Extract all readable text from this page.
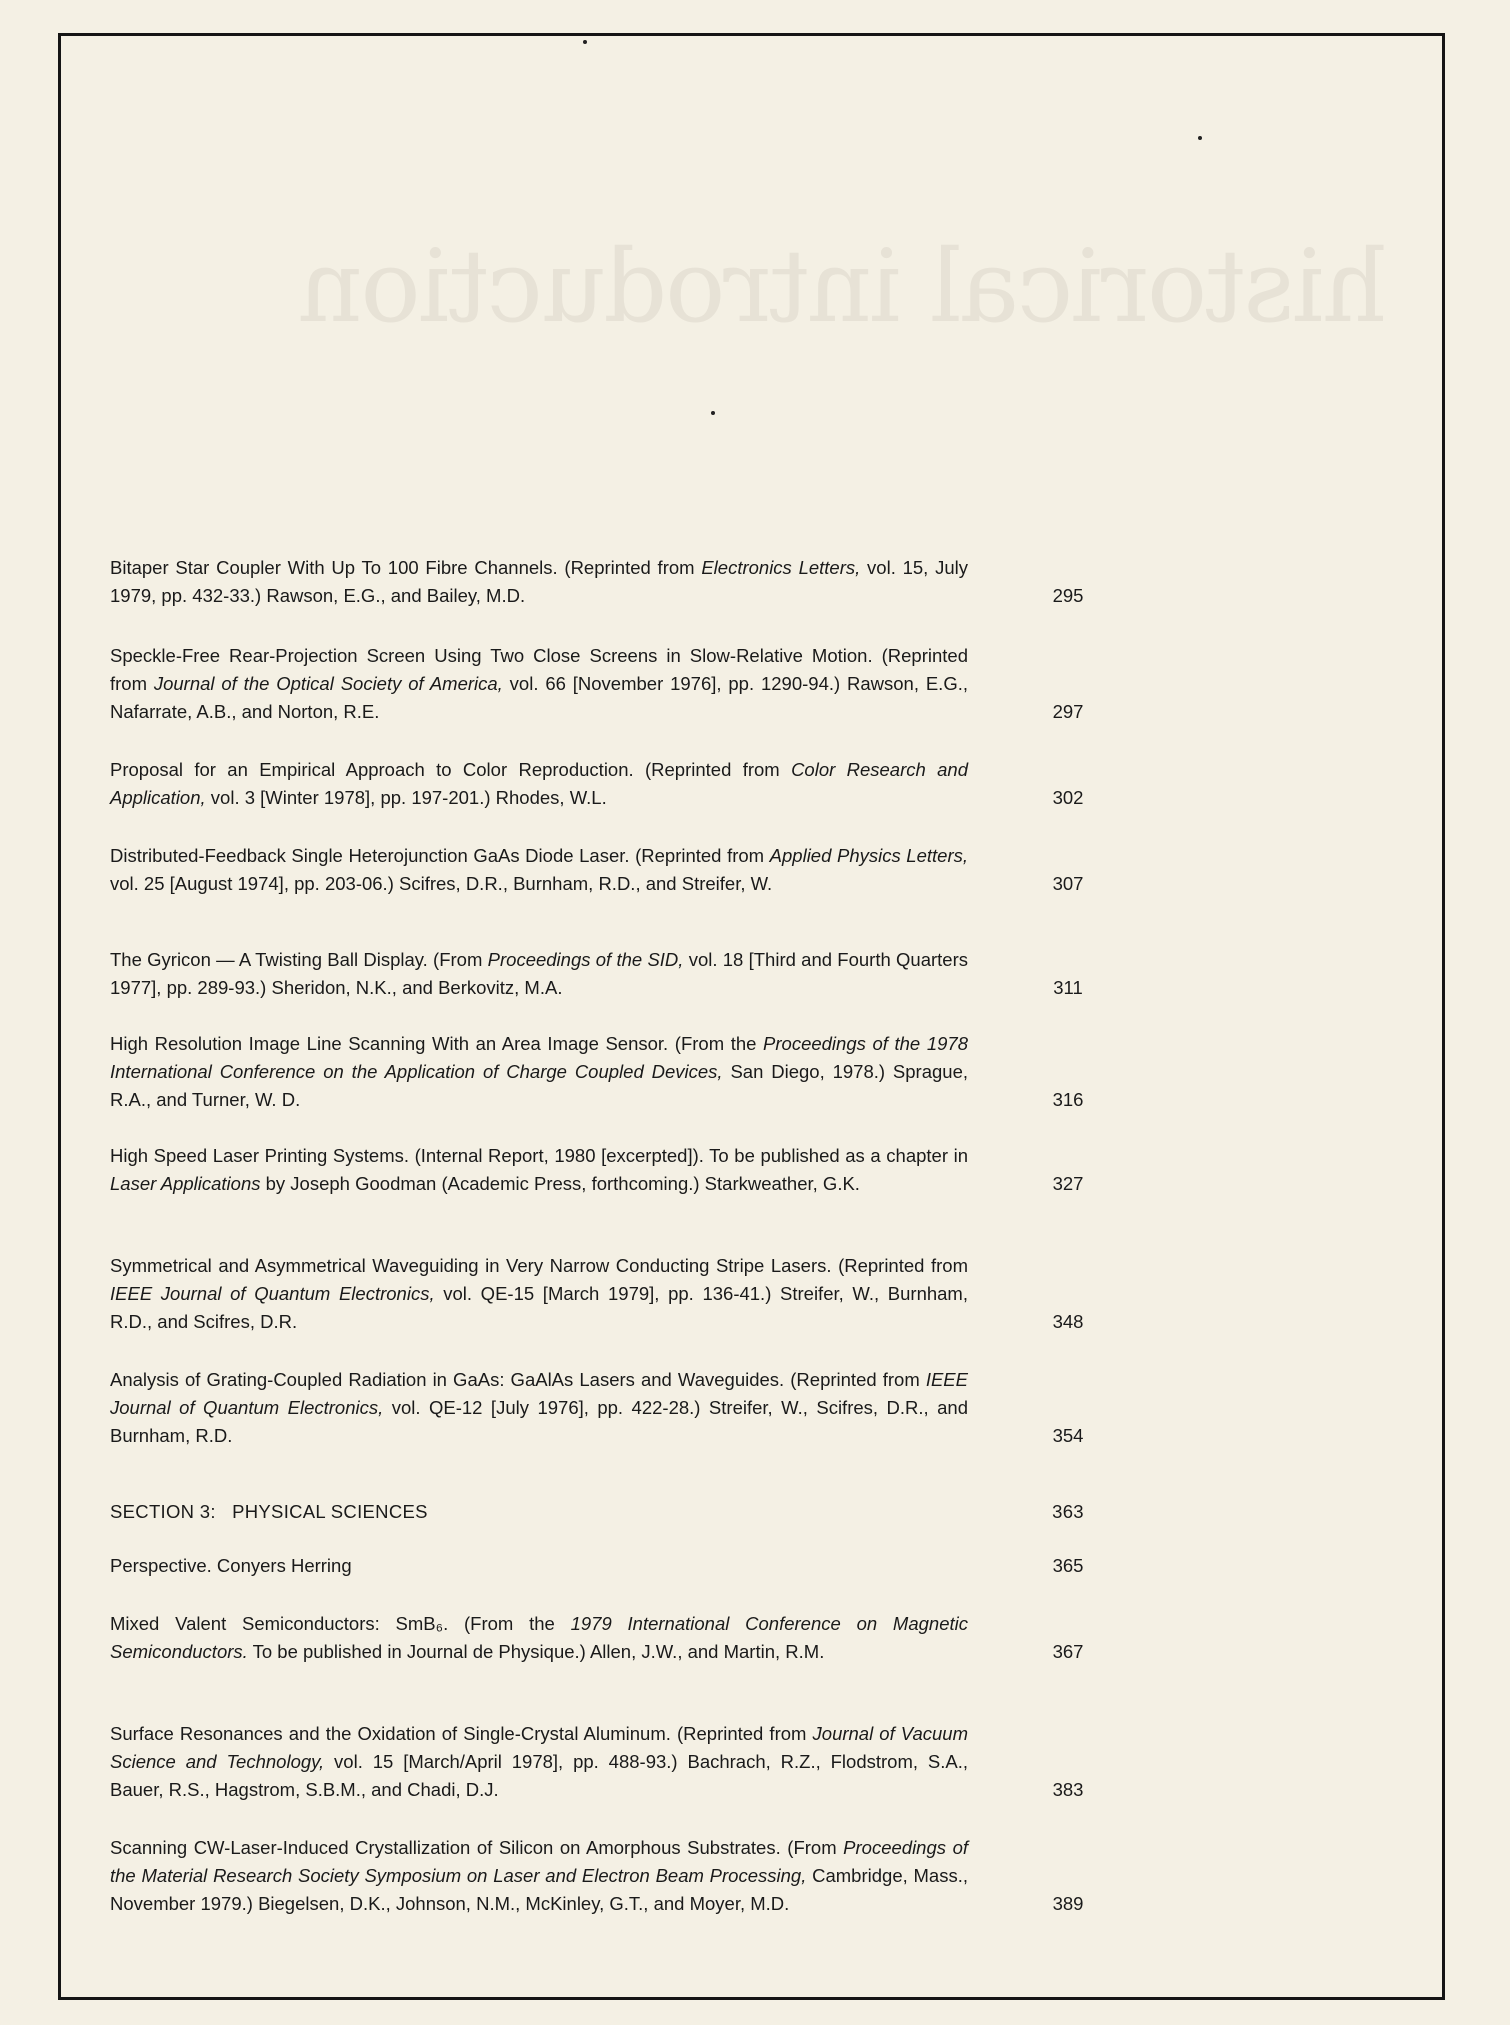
historical introduction
Bitaper Star Coupler With Up To 100 Fibre Channels. (Reprinted from Electronics Letters, vol. 15, July 1979, pp. 432-33.) Rawson, E.G., and Bailey, M.D.	295
Speckle-Free Rear-Projection Screen Using Two Close Screens in Slow-Relative Motion. (Reprinted from Journal of the Optical Society of America, vol. 66 [November 1976], pp. 1290-94.) Rawson, E.G., Nafarrate, A.B., and Norton, R.E.	297
Proposal for an Empirical Approach to Color Reproduction. (Reprinted from Color Research and Application, vol. 3 [Winter 1978], pp. 197-201.) Rhodes, W.L.	302
Distributed-Feedback Single Heterojunction GaAs Diode Laser. (Reprinted from Applied Physics Letters, vol. 25 [August 1974], pp. 203-06.) Scifres, D.R., Burnham, R.D., and Streifer, W.	307
The Gyricon — A Twisting Ball Display. (From Proceedings of the SID, vol. 18 [Third and Fourth Quarters 1977], pp. 289-93.) Sheridon, N.K., and Berkovitz, M.A.	311
High Resolution Image Line Scanning With an Area Image Sensor. (From the Proceedings of the 1978 International Conference on the Application of Charge Coupled Devices, San Diego, 1978.) Sprague, R.A., and Turner, W. D.	316
High Speed Laser Printing Systems. (Internal Report, 1980 [excerpted]). To be published as a chapter in Laser Applications by Joseph Goodman (Academic Press, forthcoming.) Starkweather, G.K.	327
Symmetrical and Asymmetrical Waveguiding in Very Narrow Conducting Stripe Lasers. (Reprinted from IEEE Journal of Quantum Electronics, vol. QE-15 [March 1979], pp. 136-41.) Streifer, W., Burnham, R.D., and Scifres, D.R.	348
Analysis of Grating-Coupled Radiation in GaAs: GaAlAs Lasers and Waveguides. (Reprinted from IEEE Journal of Quantum Electronics, vol. QE-12 [July 1976], pp. 422-28.) Streifer, W., Scifres, D.R., and Burnham, R.D.	354
SECTION 3:   PHYSICAL SCIENCES	363
Perspective. Conyers Herring	365
Mixed Valent Semiconductors: SmB₆. (From the 1979 International Conference on Magnetic Semiconductors. To be published in Journal de Physique.) Allen, J.W., and Martin, R.M.	367
Surface Resonances and the Oxidation of Single-Crystal Aluminum. (Reprinted from Journal of Vacuum Science and Technology, vol. 15 [March/April 1978], pp. 488-93.) Bachrach, R.Z., Flodstrom, S.A., Bauer, R.S., Hagstrom, S.B.M., and Chadi, D.J.	383
Scanning CW-Laser-Induced Crystallization of Silicon on Amorphous Substrates. (From Proceedings of the Material Research Society Symposium on Laser and Electron Beam Processing, Cambridge, Mass., November 1979.) Biegelsen, D.K., Johnson, N.M., McKinley, G.T., and Moyer, M.D.	389
